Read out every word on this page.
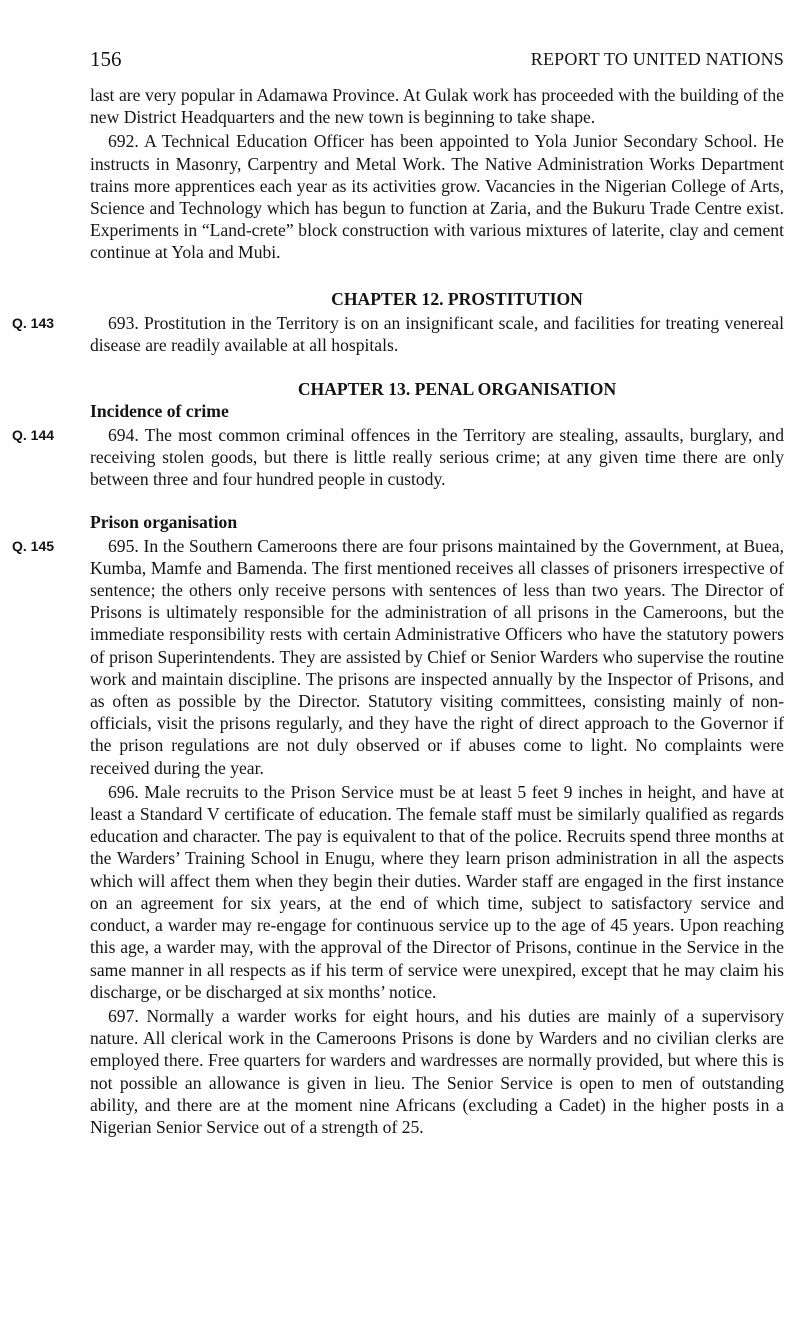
156	REPORT TO UNITED NATIONS

last are very popular in Adamawa Province. At Gulak work has proceeded with the building of the new District Headquarters and the new town is beginning to take shape.

692. A Technical Education Officer has been appointed to Yola Junior Secondary School. He instructs in Masonry, Carpentry and Metal Work. The Native Administration Works Department trains more apprentices each year as its activities grow. Vacancies in the Nigerian College of Arts, Science and Technology which has begun to function at Zaria, and the Bukuru Trade Centre exist. Experiments in “Land-crete” block construction with various mixtures of laterite, clay and cement continue at Yola and Mubi.

CHAPTER 12. PROSTITUTION
Q. 143	693. Prostitution in the Territory is on an insignificant scale, and facilities for treating venereal disease are readily available at all hospitals.

CHAPTER 13. PENAL ORGANISATION
Incidence of crime
Q. 144	694. The most common criminal offences in the Territory are stealing, assaults, burglary, and receiving stolen goods, but there is little really serious crime; at any given time there are only between three and four hundred people in custody.

Prison organisation
Q. 145	695. In the Southern Cameroons there are four prisons maintained by the Government, at Buea, Kumba, Mamfe and Bamenda. The first mentioned receives all classes of prisoners irrespective of sentence; the others only receive persons with sentences of less than two years. The Director of Prisons is ultimately responsible for the administration of all prisons in the Cameroons, but the immediate responsibility rests with certain Administrative Officers who have the statutory powers of prison Superintendents. They are assisted by Chief or Senior Warders who supervise the routine work and maintain discipline. The prisons are inspected annually by the Inspector of Prisons, and as often as possible by the Director. Statutory visiting committees, consisting mainly of non-officials, visit the prisons regularly, and they have the right of direct approach to the Governor if the prison regulations are not duly observed or if abuses come to light. No complaints were received during the year.

696. Male recruits to the Prison Service must be at least 5 feet 9 inches in height, and have at least a Standard V certificate of education. The female staff must be similarly qualified as regards education and character. The pay is equivalent to that of the police. Recruits spend three months at the Warders’ Training School in Enugu, where they learn prison administration in all the aspects which will affect them when they begin their duties. Warder staff are engaged in the first instance on an agreement for six years, at the end of which time, subject to satisfactory service and conduct, a warder may re-engage for continuous service up to the age of 45 years. Upon reaching this age, a warder may, with the approval of the Director of Prisons, continue in the Service in the same manner in all respects as if his term of service were unexpired, except that he may claim his discharge, or be discharged at six months’ notice.

697. Normally a warder works for eight hours, and his duties are mainly of a supervisory nature. All clerical work in the Cameroons Prisons is done by Warders and no civilian clerks are employed there. Free quarters for warders and wardresses are normally provided, but where this is not possible an allowance is given in lieu. The Senior Service is open to men of outstanding ability, and there are at the moment nine Africans (excluding a Cadet) in the higher posts in a Nigerian Senior Service out of a strength of 25.
